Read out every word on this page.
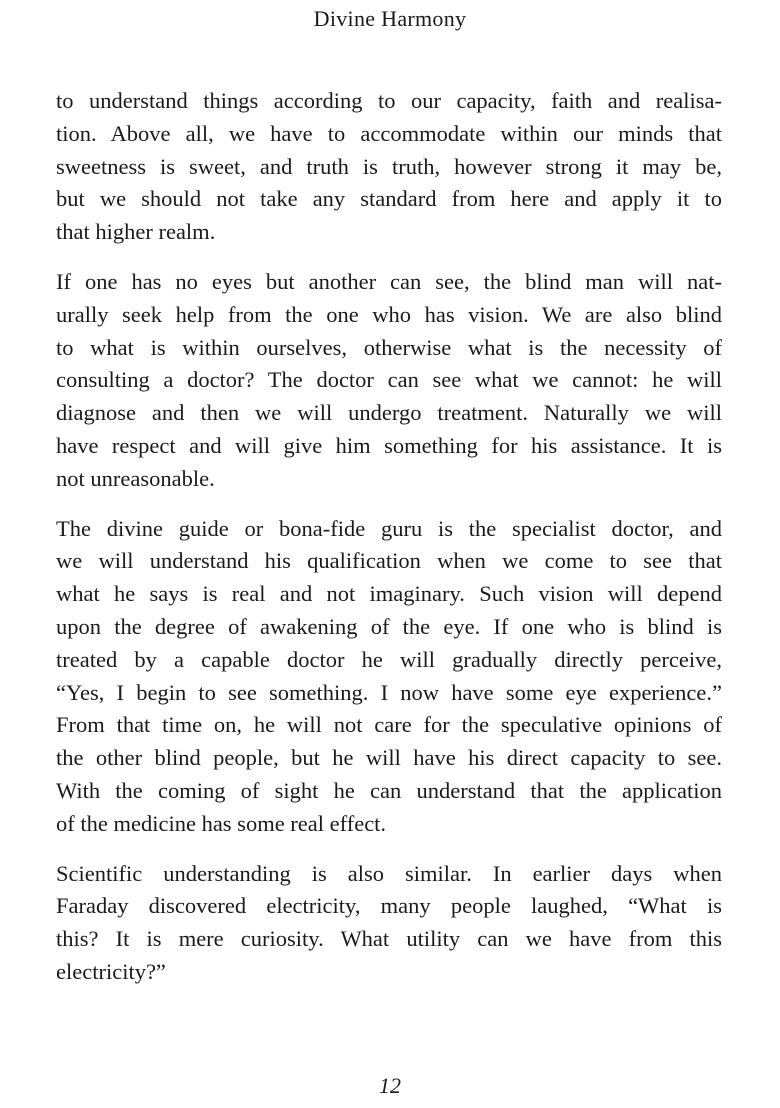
Divine Harmony
to understand things according to our capacity, faith and realisa-
tion. Above all, we have to accommodate within our minds that
sweetness is sweet, and truth is truth, however strong it may be,
but we should not take any standard from here and apply it to
that higher realm.
If one has no eyes but another can see, the blind man will nat-
urally seek help from the one who has vision. We are also blind
to what is within ourselves, otherwise what is the necessity of
consulting a doctor? The doctor can see what we cannot: he will
diagnose and then we will undergo treatment. Naturally we will
have respect and will give him something for his assistance. It is
not unreasonable.
The divine guide or bona-fide guru is the specialist doctor, and
we will understand his qualification when we come to see that
what he says is real and not imaginary. Such vision will depend
upon the degree of awakening of the eye. If one who is blind is
treated by a capable doctor he will gradually directly perceive,
“Yes, I begin to see something. I now have some eye experience.”
From that time on, he will not care for the speculative opinions of
the other blind people, but he will have his direct capacity to see.
With the coming of sight he can understand that the application
of the medicine has some real effect.
Scientific understanding is also similar. In earlier days when
Faraday discovered electricity, many people laughed, “What is
this? It is mere curiosity. What utility can we have from this
electricity?”
12
